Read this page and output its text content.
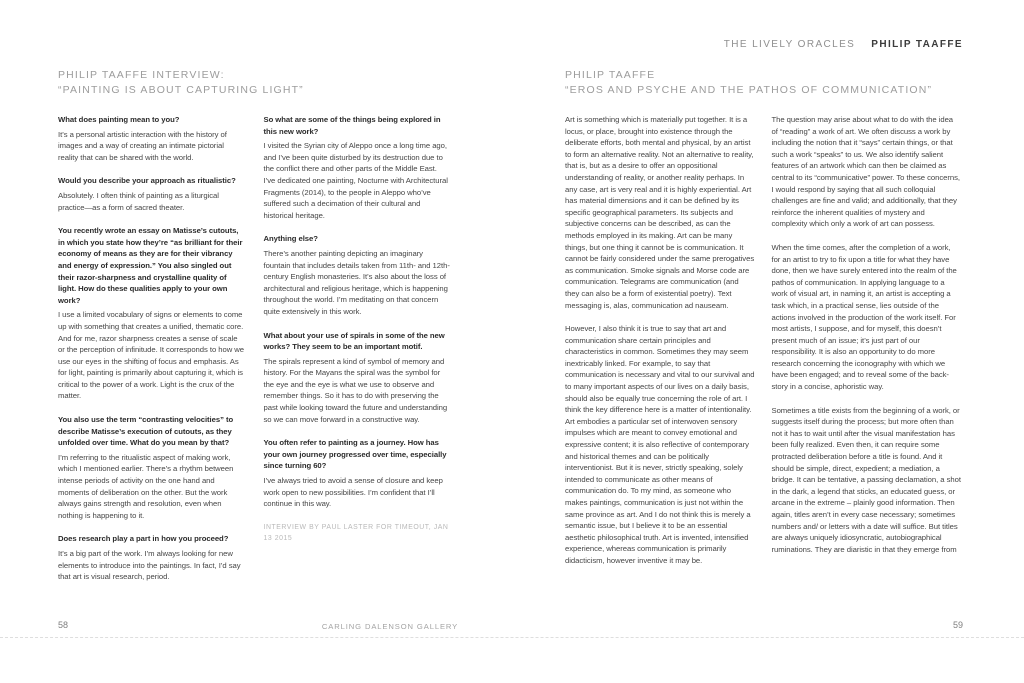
THE LIVELY ORACLES PHILIP TAAFFE
PHILIP TAAFFE INTERVIEW:
“PAINTING IS ABOUT CAPTURING LIGHT”
What does painting mean to you?
It’s a personal artistic interaction with the history of images and a way of creating an intimate pictorial reality that can be shared with the world.
Would you describe your approach as ritualistic?
Absolutely. I often think of painting as a liturgical practice—as a form of sacred theater.
You recently wrote an essay on Matisse’s cutouts, in which you state how they’re “as brilliant for their economy of means as they are for their vibrancy and energy of expression.” You also singled out their razor-sharpness and crystalline quality of light. How do these qualities apply to your own work?
I use a limited vocabulary of signs or elements to come up with something that creates a unified, thematic core. And for me, razor sharpness creates a sense of scale or the perception of infinitude. It corresponds to how we use our eyes in the shifting of focus and emphasis. As for light, painting is primarily about capturing it, which is critical to the power of a work. Light is the crux of the matter.
You also use the term “contrasting velocities” to describe Matisse’s execution of cutouts, as they unfolded over time. What do you mean by that?
I’m referring to the ritualistic aspect of making work, which I mentioned earlier. There’s a rhythm between intense periods of activity on the one hand and moments of deliberation on the other. But the work always gains strength and resolution, even when nothing is happening to it.
Does research play a part in how you proceed?
It’s a big part of the work. I’m always looking for new elements to introduce into the paintings. In fact, I’d say that art is visual research, period.
So what are some of the things being explored in this new work?
I visited the Syrian city of Aleppo once a long time ago, and I’ve been quite disturbed by its destruction due to the conflict there and other parts of the Middle East. I’ve dedicated one painting, Nocturne with Architectural Fragments (2014), to the people in Aleppo who’ve suffered such a decimation of their cultural and historical heritage.
Anything else?
There’s another painting depicting an imaginary fountain that includes details taken from 11th- and 12th-century English monasteries. It’s also about the loss of architectural and religious heritage, which is happening throughout the world. I’m meditating on that concern quite extensively in this work.
What about your use of spirals in some of the new works? They seem to be an important motif.
The spirals represent a kind of symbol of memory and history. For the Mayans the spiral was the symbol for the eye and the eye is what we use to observe and remember things. So it has to do with preserving the past while looking toward the future and understanding so we can move forward in a constructive way.
You often refer to painting as a journey. How has your own journey progressed over time, especially since turning 60?
I’ve always tried to avoid a sense of closure and keep work open to new possibilities. I’m confident that I’ll continue in this way.
INTERVIEW BY PAUL LASTER FOR TIMEOUT, JAN 13 2015
PHILIP TAAFFE
“EROS AND PSYCHE AND THE PATHOS OF COMMUNICATION”
Art is something which is materially put together. It is a locus, or place, brought into existence through the deliberate efforts, both mental and physical, by an artist to form an alternative reality. Not an alternative to reality, that is, but as a desire to offer an oppositional understanding of reality, or another reality perhaps. In any case, art is very real and it is highly experiential. Art has material dimensions and it can be defined by its specific geographical parameters. Its subjects and subjective concerns can be described, as can the methods employed in its making. Art can be many things, but one thing it cannot be is communication. It cannot be fairly considered under the same prerogatives as communication. Smoke signals and Morse code are communication. Telegrams are communication (and they can also be a form of existential poetry). Text messaging is, alas, communication ad nauseam.
However, I also think it is true to say that art and communication share certain principles and characteristics in common. Sometimes they may seem inextricably linked. For example, to say that communication is necessary and vital to our survival and to many important aspects of our lives on a daily basis, should also be equally true concerning the role of art. I think the key difference here is a matter of intentionality. Art embodies a particular set of interwoven sensory impulses which are meant to convey emotional and expressive content; it is also reflective of contemporary and historical themes and can be politically interventionist. But it is never, strictly speaking, solely intended to communicate as other means of communication do. To my mind, as someone who makes paintings, communication is just not within the same province as art. And I do not think this is merely a semantic issue, but I believe it to be an essential aesthetic philosophical truth. Art is invented, intensified experience, whereas communication is primarily didacticism, however inventive it may be.
The question may arise about what to do with the idea of “reading” a work of art. We often discuss a work by including the notion that it “says” certain things, or that such a work “speaks” to us. We also identify salient features of an artwork which can then be claimed as central to its “communicative” power. To these concerns, I would respond by saying that all such colloquial challenges are fine and valid; and additionally, that they reinforce the inherent qualities of mystery and complexity which only a work of art can possess.
When the time comes, after the completion of a work, for an artist to try to fix upon a title for what they have done, then we have surely entered into the realm of the pathos of communication. In applying language to a work of visual art, in naming it, an artist is accepting a task which, in a practical sense, lies outside of the actions involved in the production of the work itself. For most artists, I suppose, and for myself, this doesn’t present much of an issue; it’s just part of our responsibility. It is also an opportunity to do more research concerning the iconography with which we have been engaged; and to reveal some of the back-story in a concise, aphoristic way.
Sometimes a title exists from the beginning of a work, or suggests itself during the process; but more often than not it has to wait until after the visual manifestation has been fully realized. Even then, it can require some protracted deliberation before a title is found. And it should be simple, direct, expedient; a mediation, a bridge. It can be tentative, a passing declamation, a shot in the dark, a legend that sticks, an educated guess, or arcane in the extreme – plainly good information. Then again, titles aren’t in every case necessary; sometimes numbers and/ or letters with a date will suffice. But titles are always uniquely idiosyncratic, autobiographical ruminations. They are diaristic in that they emerge from
58	CARLING DALENSON GALLERY	59
